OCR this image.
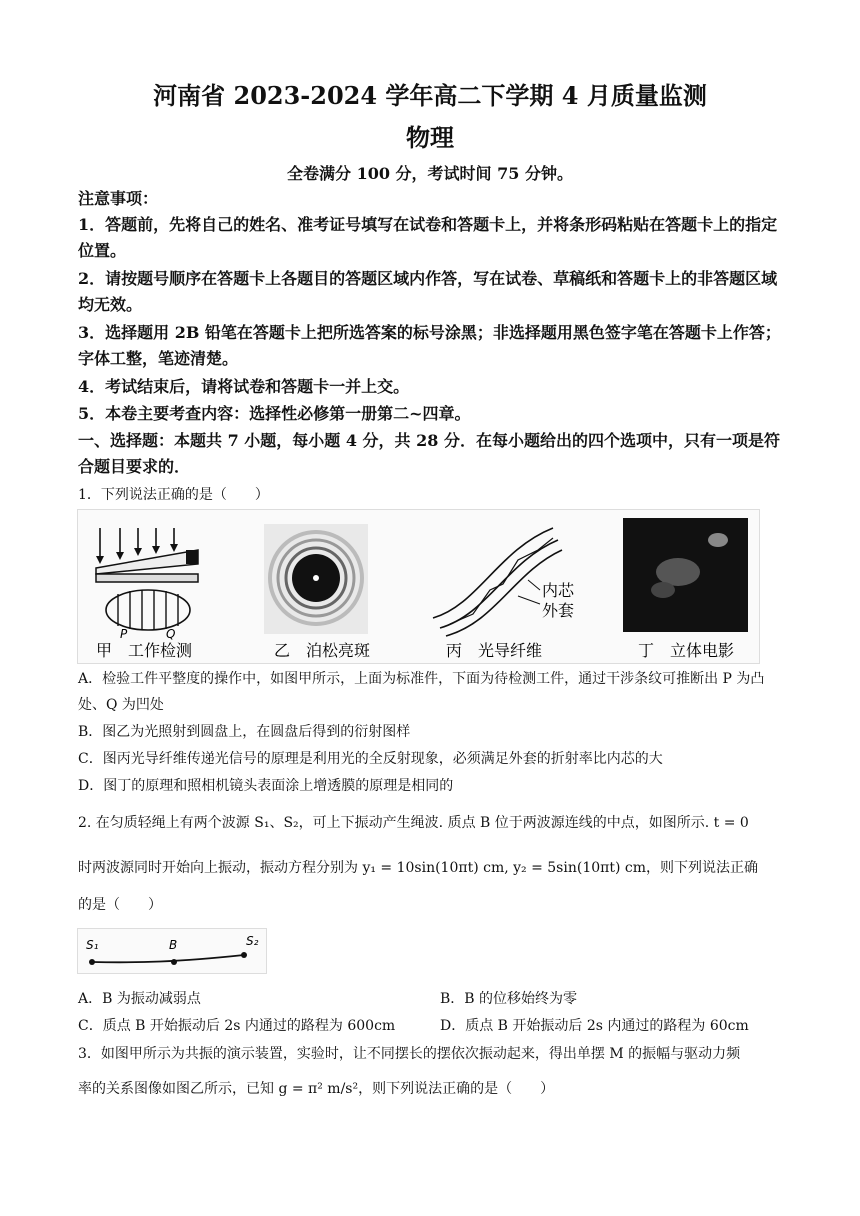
河南省 2023-2024 学年高二下学期 4 月质量监测
物理
全卷满分 100 分，考试时间 75 分钟。
注意事项：
1．答题前，先将自己的姓名、准考证号填写在试卷和答题卡上，并将条形码粘贴在答题卡上的指定位置。
2．请按题号顺序在答题卡上各题目的答题区域内作答，写在试卷、草稿纸和答题卡上的非答题区域均无效。
3．选择题用 2B 铅笔在答题卡上把所选答案的标号涂黑；非选择题用黑色签字笔在答题卡上作答；字体工整，笔迹清楚。
4．考试结束后，请将试卷和答题卡一并上交。
5．本卷主要考查内容：选择性必修第一册第二~四章。
一、选择题：本题共 7 小题，每小题 4 分，共 28 分．在每小题给出的四个选项中，只有一项是符合题目要求的．
1．下列说法正确的是（　　）
P	Q
甲　工作检测	乙　泊松亮斑
内芯
外套
丙　光导纤维	丁　立体电影
A．检验工件平整度的操作中，如图甲所示，上面为标准件，下面为待检测工件，通过干涉条纹可推断出 P 为凸处、Q 为凹处
B．图乙为光照射到圆盘上，在圆盘后得到的衍射图样
C．图丙光导纤维传递光信号的原理是利用光的全反射现象，必须满足外套的折射率比内芯的大
D．图丁的原理和照相机镜头表面涂上增透膜的原理是相同的
2. 在匀质轻绳上有两个波源 S₁、S₂，可上下振动产生绳波. 质点 B 位于两波源连线的中点，如图所示. t = 0
时两波源同时开始向上振动，振动方程分别为 y₁ = 10sin(10πt) cm, y₂ = 5sin(10πt) cm，则下列说法正确
的是（　　）
S₁	B	S₂
A．B 为振动减弱点	B．B 的位移始终为零
C．质点 B 开始振动后 2s 内通过的路程为 600cm	D．质点 B 开始振动后 2s 内通过的路程为 60cm
3．如图甲所示为共振的演示装置，实验时，让不同摆长的摆依次振动起来，得出单摆 M 的振幅与驱动力频
率的关系图像如图乙所示，已知 g = π² m/s²，则下列说法正确的是（　　）
